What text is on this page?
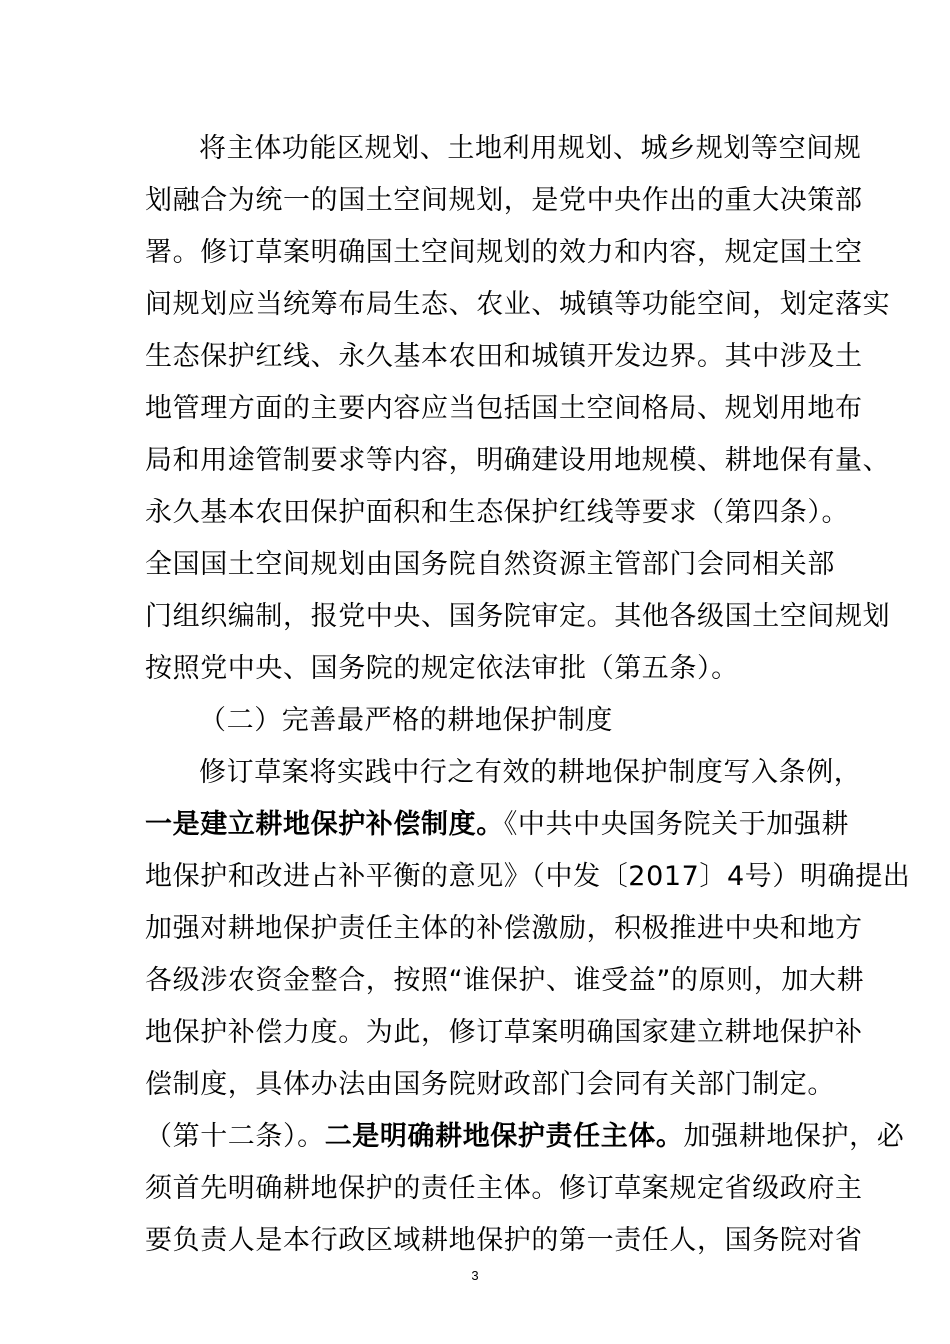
将主体功能区规划、土地利用规划、城乡规划等空间规
划融合为统一的国土空间规划，是党中央作出的重大决策部
署。修订草案明确国土空间规划的效力和内容，规定国土空
间规划应当统筹布局生态、农业、城镇等功能空间，划定落实
生态保护红线、永久基本农田和城镇开发边界。其中涉及土
地管理方面的主要内容应当包括国土空间格局、规划用地布
局和用途管制要求等内容，明确建设用地规模、耕地保有量、
永久基本农田保护面积和生态保护红线等要求（第四条）。
全国国土空间规划由国务院自然资源主管部门会同相关部
门组织编制，报党中央、国务院审定。其他各级国土空间规划
按照党中央、国务院的规定依法审批（第五条）。
（二）完善最严格的耕地保护制度
修订草案将实践中行之有效的耕地保护制度写入条例，
一是建立耕地保护补偿制度。《中共中央国务院关于加强耕
地保护和改进占补平衡的意见》（中发〔2017〕4号）明确提出
加强对耕地保护责任主体的补偿激励，积极推进中央和地方
各级涉农资金整合，按照“谁保护、谁受益”的原则，加大耕
地保护补偿力度。为此，修订草案明确国家建立耕地保护补
偿制度，具体办法由国务院财政部门会同有关部门制定。
（第十二条）。二是明确耕地保护责任主体。加强耕地保护，必
须首先明确耕地保护的责任主体。修订草案规定省级政府主
要负责人是本行政区域耕地保护的第一责任人，国务院对省
3
